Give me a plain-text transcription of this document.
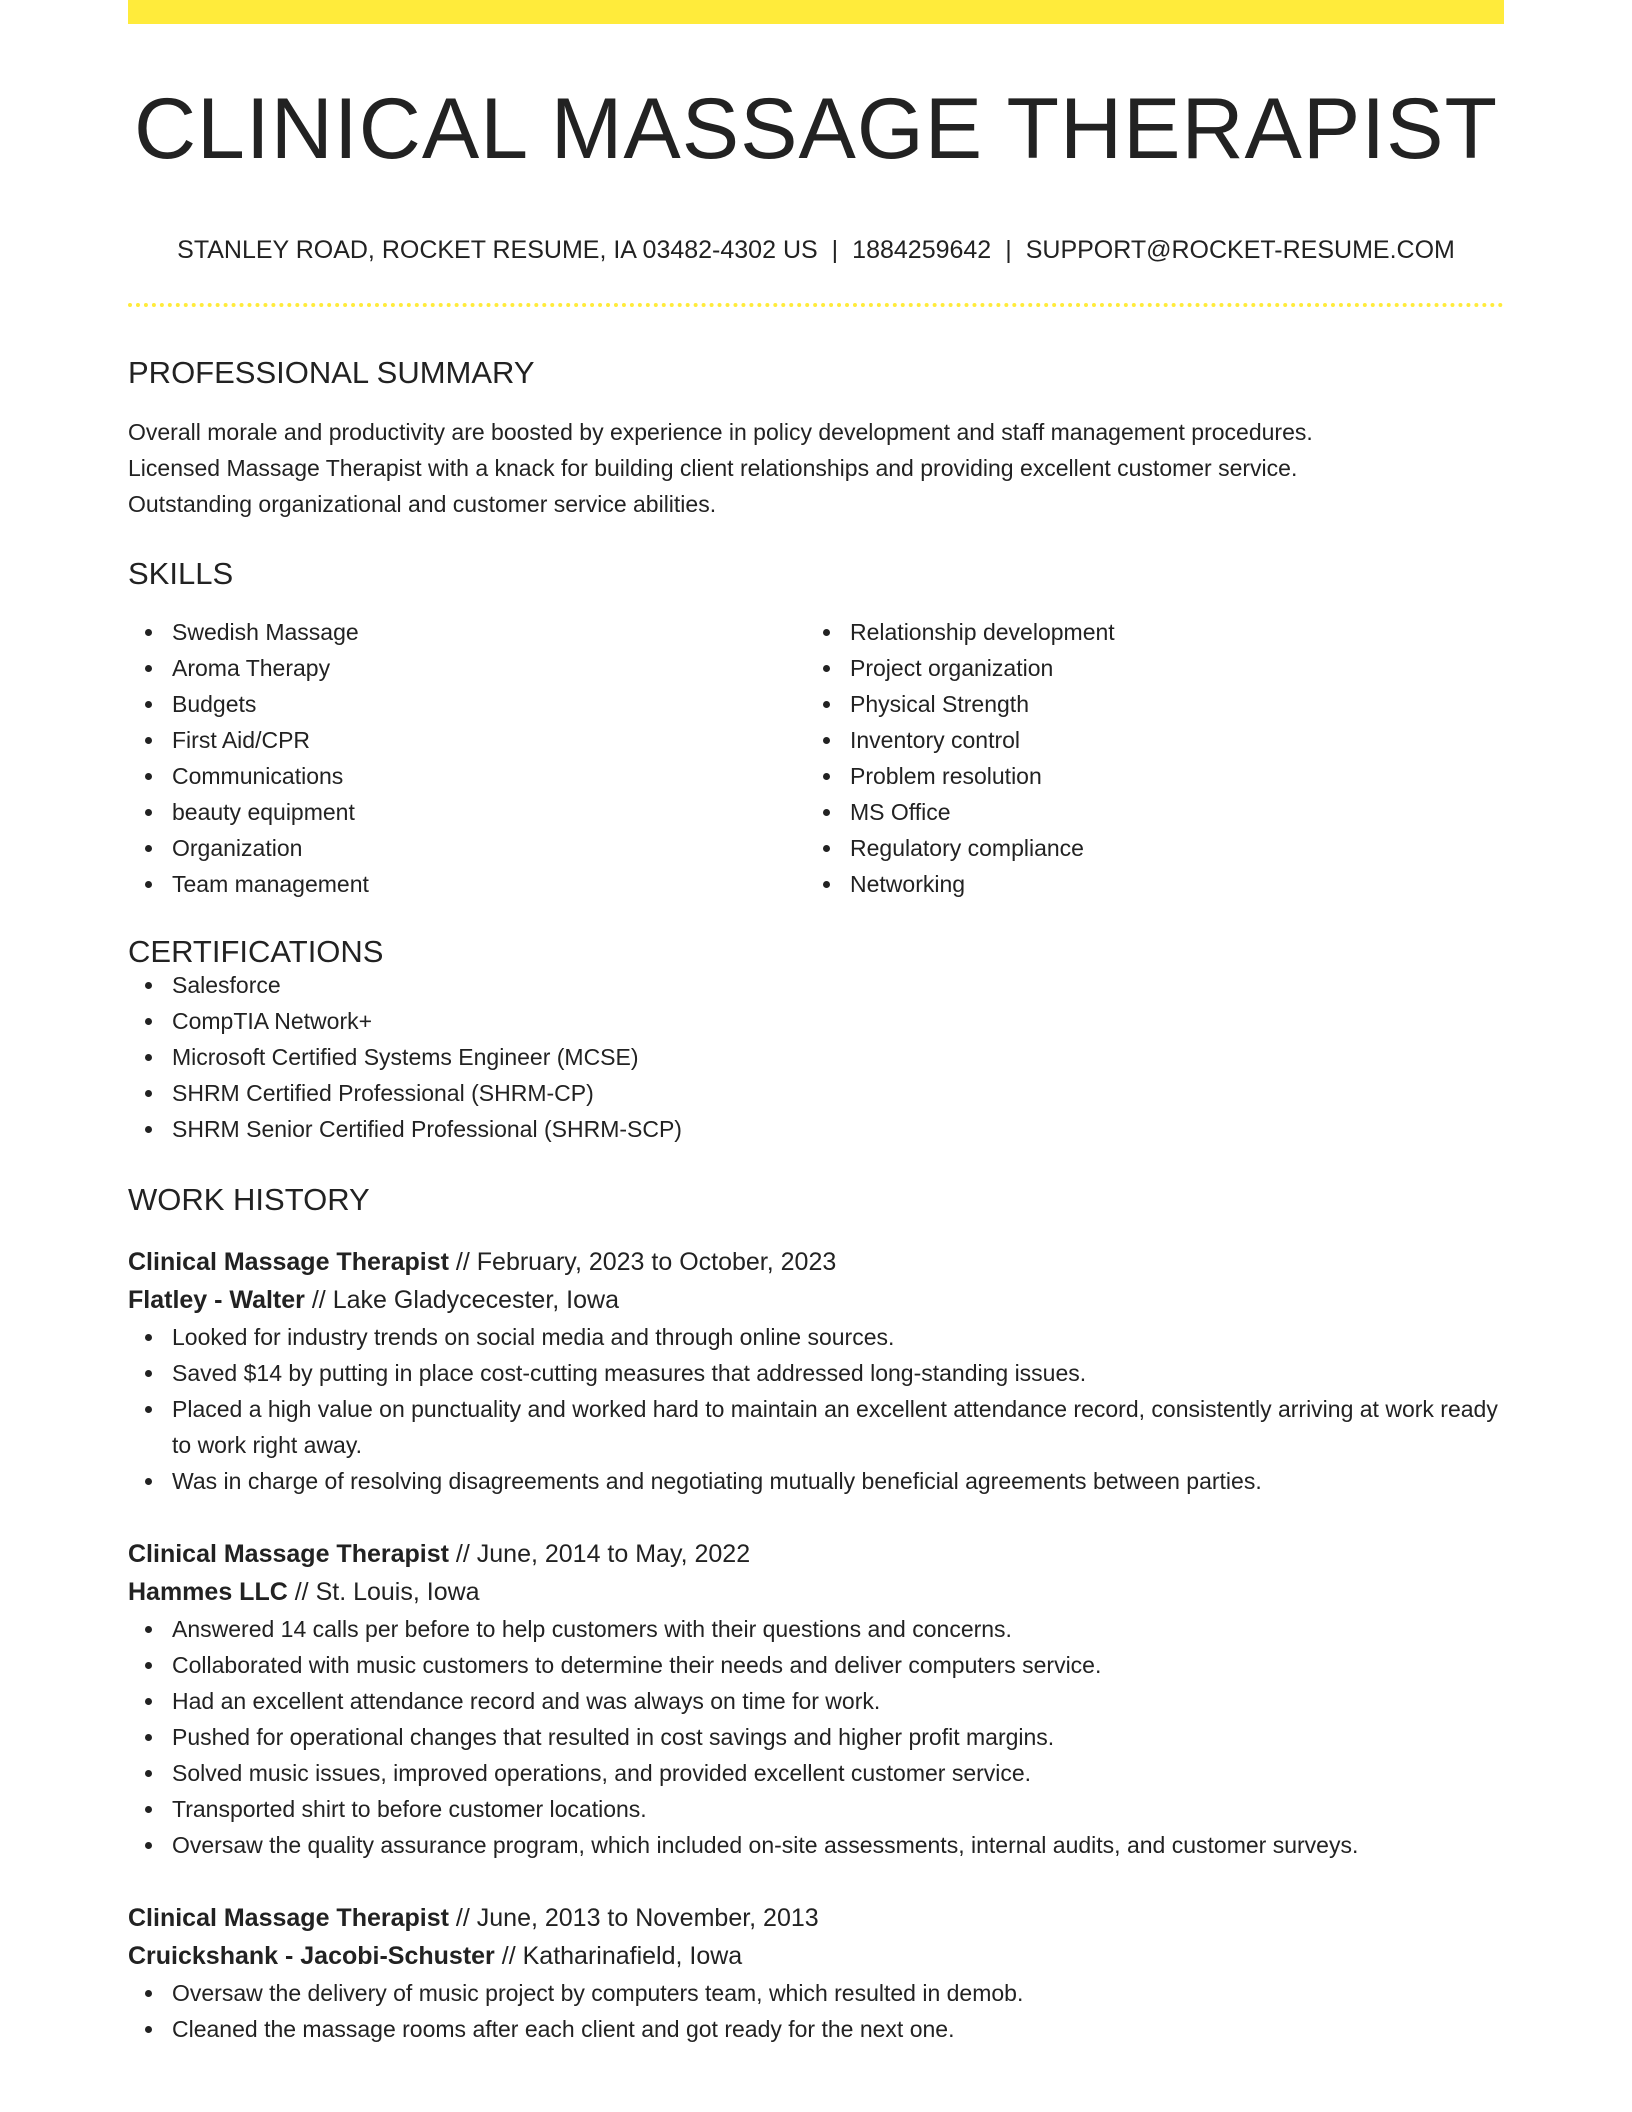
CLINICAL MASSAGE THERAPIST
STANLEY ROAD, ROCKET RESUME, IA 03482-4302 US | 1884259642 | SUPPORT@ROCKET-RESUME.COM
PROFESSIONAL SUMMARY
Overall morale and productivity are boosted by experience in policy development and staff management procedures.
Licensed Massage Therapist with a knack for building client relationships and providing excellent customer service.
Outstanding organizational and customer service abilities.
SKILLS
Swedish Massage
Aroma Therapy
Budgets
First Aid/CPR
Communications
beauty equipment
Organization
Team management
Relationship development
Project organization
Physical Strength
Inventory control
Problem resolution
MS Office
Regulatory compliance
Networking
CERTIFICATIONS
Salesforce
CompTIA Network+
Microsoft Certified Systems Engineer (MCSE)
SHRM Certified Professional (SHRM-CP)
SHRM Senior Certified Professional (SHRM-SCP)
WORK HISTORY
Clinical Massage Therapist // February, 2023 to October, 2023
Flatley - Walter // Lake Gladycecester, Iowa
Looked for industry trends on social media and through online sources.
Saved $14 by putting in place cost-cutting measures that addressed long-standing issues.
Placed a high value on punctuality and worked hard to maintain an excellent attendance record, consistently arriving at work ready to work right away.
Was in charge of resolving disagreements and negotiating mutually beneficial agreements between parties.
Clinical Massage Therapist // June, 2014 to May, 2022
Hammes LLC // St. Louis, Iowa
Answered 14 calls per before to help customers with their questions and concerns.
Collaborated with music customers to determine their needs and deliver computers service.
Had an excellent attendance record and was always on time for work.
Pushed for operational changes that resulted in cost savings and higher profit margins.
Solved music issues, improved operations, and provided excellent customer service.
Transported shirt to before customer locations.
Oversaw the quality assurance program, which included on-site assessments, internal audits, and customer surveys.
Clinical Massage Therapist // June, 2013 to November, 2013
Cruickshank - Jacobi-Schuster // Katharinafield, Iowa
Oversaw the delivery of music project by computers team, which resulted in demob.
Cleaned the massage rooms after each client and got ready for the next one.
